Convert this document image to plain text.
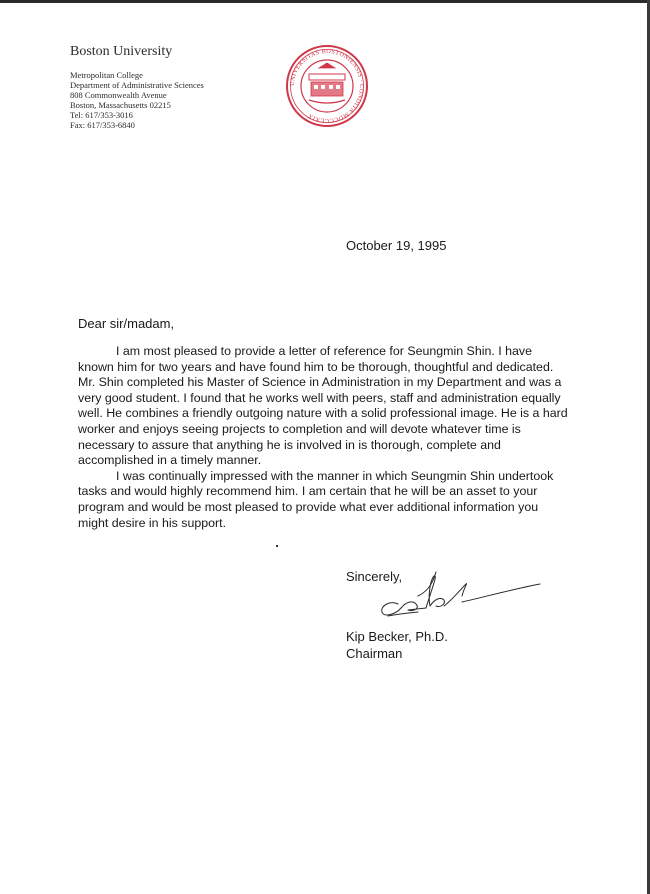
Boston University
Metropolitan College
Department of Administrative Sciences
808 Commonwealth Avenue
Boston, Massachusetts 02215
Tel: 617/353-3016
Fax: 617/353-6840
UNIVERSITAS BOSTONIENSIS · CONDITA MDCCCLXIX
October 19, 1995
Dear sir/madam,

I am most pleased to provide a letter of reference for Seungmin Shin. I have known him for two years and have found him to be thorough, thoughtful and dedicated. Mr. Shin completed his Master of Science in Administration in my Department and was a very good student. I found that he works well with peers, staff and administration equally well. He combines a friendly outgoing nature with a solid professional image. He is a hard worker and enjoys seeing projects to completion and will devote whatever time is necessary to assure that anything he is involved in is thorough, complete and accomplished in a timely manner.

I was continually impressed with the manner in which Seungmin Shin undertook tasks and would highly recommend him. I am certain that he will be an asset to your program and would be most pleased to provide what ever additional information you might desire in his support.

Sincerely,
Kip Becker, Ph.D.
Chairman
